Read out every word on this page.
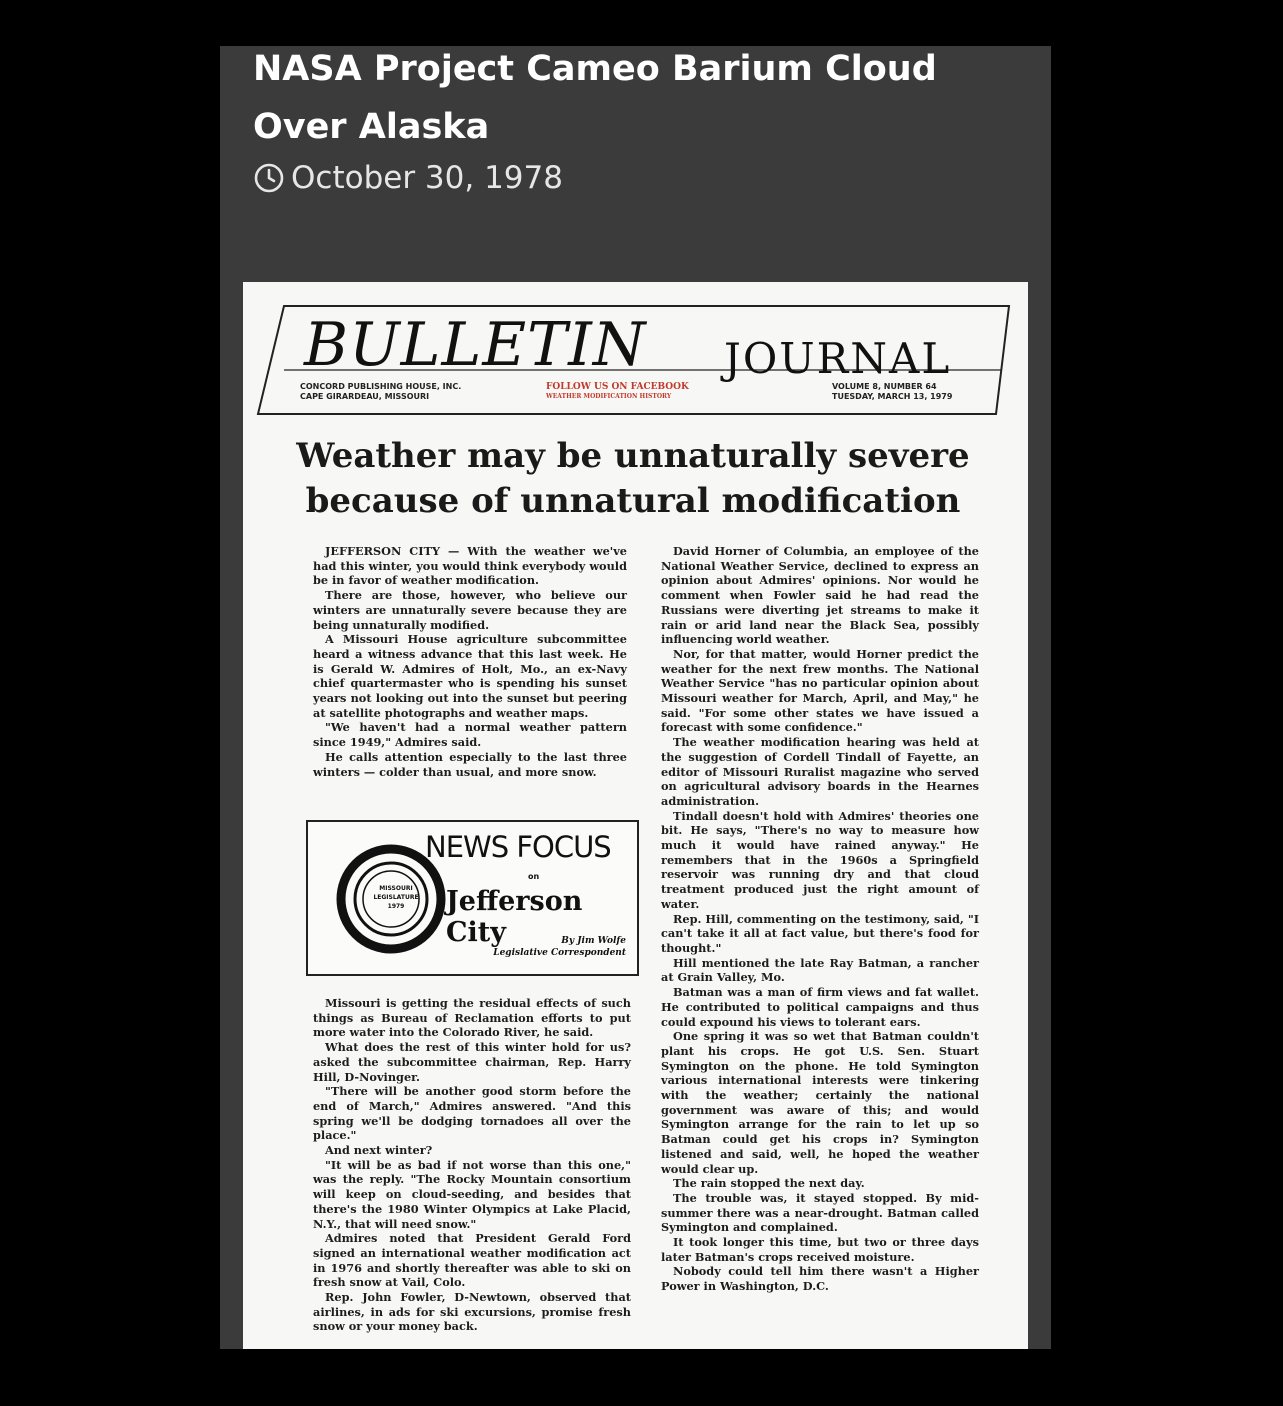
NASA Project Cameo Barium Cloud Over Alaska
October 30, 1978
BULLETIN JOURNAL
CONCORD PUBLISHING HOUSE, INC.
CAPE GIRARDEAU, MISSOURI
FOLLOW US ON FACEBOOK
WEATHER MODIFICATION HISTORY
VOLUME 8, NUMBER 64
TUESDAY, MARCH 13, 1979
Weather may be unnaturally severe because of unnatural modification

JEFFERSON CITY — With the weather we've had this winter, you would think everybody would be in favor of weather modification.

There are those, however, who believe our winters are unnaturally severe because they are being unnaturally modified.

A Missouri House agriculture subcommittee heard a witness advance that this last week. He is Gerald W. Admires of Holt, Mo., an ex-Navy chief quartermaster who is spending his sunset years not looking out into the sunset but peering at satellite photographs and weather maps.

"We haven't had a normal weather pattern since 1949," Admires said.

He calls attention especially to the last three winters — colder than usual, and more snow.

MISSOURI LEGISLATURE 1979
NEWS FOCUS
on
Jefferson City	By Jim Wolfe
Legislative Correspondent

Missouri is getting the residual effects of such things as Bureau of Reclamation efforts to put more water into the Colorado River, he said.

What does the rest of this winter hold for us? asked the subcommittee chairman, Rep. Harry Hill, D-Novinger.

"There will be another good storm before the end of March," Admires answered. "And this spring we'll be dodging tornadoes all over the place."

And next winter?

"It will be as bad if not worse than this one," was the reply. "The Rocky Mountain consortium will keep on cloud-seeding, and besides that there's the 1980 Winter Olympics at Lake Placid, N.Y., that will need snow."

Admires noted that President Gerald Ford signed an international weather modification act in 1976 and shortly thereafter was able to ski on fresh snow at Vail, Colo.

Rep. John Fowler, D-Newtown, observed that airlines, in ads for ski excursions, promise fresh snow or your money back.

David Horner of Columbia, an employee of the National Weather Service, declined to express an opinion about Admires' opinions. Nor would he comment when Fowler said he had read the Russians were diverting jet streams to make it rain or arid land near the Black Sea, possibly influencing world weather.

Nor, for that matter, would Horner predict the weather for the next frew months. The National Weather Service "has no particular opinion about Missouri weather for March, April, and May," he said. "For some other states we have issued a forecast with some confidence."

The weather modification hearing was held at the suggestion of Cordell Tindall of Fayette, an editor of Missouri Ruralist magazine who served on agricultural advisory boards in the Hearnes administration.

Tindall doesn't hold with Admires' theories one bit. He says, "There's no way to measure how much it would have rained anyway." He remembers that in the 1960s a Springfield reservoir was running dry and that cloud treatment produced just the right amount of water.

Rep. Hill, commenting on the testimony, said, "I can't take it all at fact value, but there's food for thought."

Hill mentioned the late Ray Batman, a rancher at Grain Valley, Mo.

Batman was a man of firm views and fat wallet. He contributed to political campaigns and thus could expound his views to tolerant ears.

One spring it was so wet that Batman couldn't plant his crops. He got U.S. Sen. Stuart Symington on the phone. He told Symington various international interests were tinkering with the weather; certainly the national government was aware of this; and would Symington arrange for the rain to let up so Batman could get his crops in? Symington listened and said, well, he hoped the weather would clear up.

The rain stopped the next day.

The trouble was, it stayed stopped. By mid-summer there was a near-drought. Batman called Symington and complained.

It took longer this time, but two or three days later Batman's crops received moisture.

Nobody could tell him there wasn't a Higher Power in Washington, D.C.
